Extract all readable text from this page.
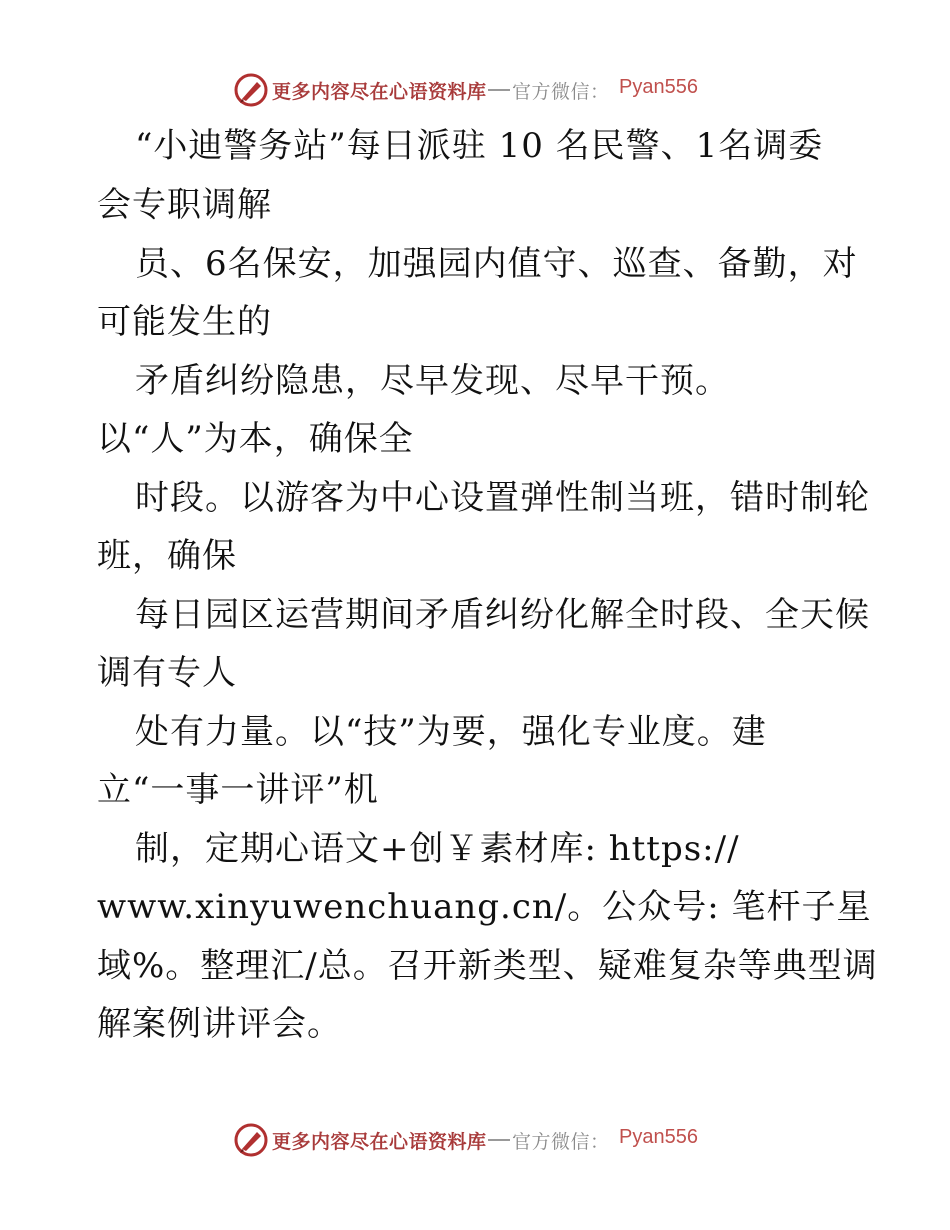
更多内容尽在心语资料库 官方微信： Pyan556
“小迪警务站”每日派驻 10 名民警、1名调委
会专职调解
员、6名保安，加强园内值守、巡查、备勤，对
可能发生的
矛盾纠纷隐患，尽早发现、尽早干预。
以“人”为本，确保全
时段。以游客为中心设置弹性制当班，错时制轮
班，确保
每日园区运营期间矛盾纠纷化解全时段、全天候
调有专人
处有力量。以“技”为要，强化专业度。建
立“一事一讲评”机
制，定期心语文+创￥素材库: https://
www.xinyuwenchuang.cn/。公众号: 笔杆子星
域%。整理汇/总。召开新类型、疑难复杂等典型调
解案例讲评会。
更多内容尽在心语资料库 官方微信： Pyan556
